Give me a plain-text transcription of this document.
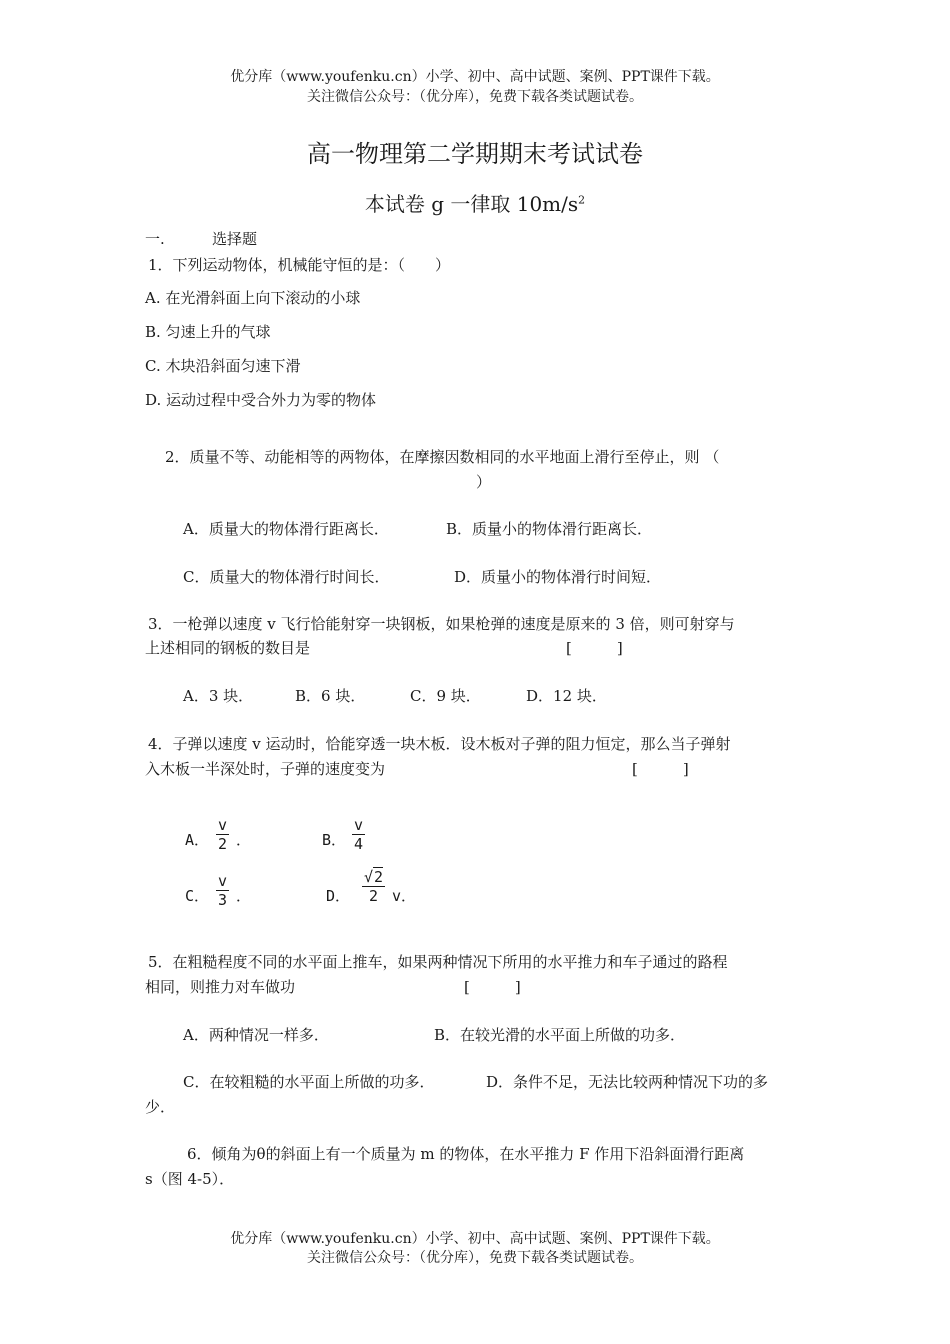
优分库（www.youfenku.cn）小学、初中、高中试题、案例、PPT课件下载。
关注微信公众号：（优分库），免费下载各类试题试卷。
高一物理第二学期期末考试试卷
本试卷 g 一律取 $10m/s^2$
一.	选择题
1．下列运动物体，机械能守恒的是：（　　）
A. 在光滑斜面上向下滚动的小球
B. 匀速上升的气球
C. 木块沿斜面匀速下滑
D. 运动过程中受合外力为零的物体
2．质量不等、动能相等的两物体，在摩擦因数相同的水平地面上滑行至停止，则 （
）
A．质量大的物体滑行距离长．	B．质量小的物体滑行距离长．
C．质量大的物体滑行时间长．	D．质量小的物体滑行时间短．
3．一枪弹以速度 v 飞行恰能射穿一块钢板，如果枪弹的速度是原来的 3 倍，则可射穿与
上述相同的钢板的数目是	[　　　]
A．3 块．	B．6 块．	C．9 块．	D．12 块．
4．子弹以速度 v 运动时，恰能穿透一块木板．设木板对子弹的阻力恒定，那么当子弹射
入木板一半深处时，子弹的速度变为	[　　　]
A． $\frac{v}{2}$ ．	B． $\frac{v}{4}$
C． $\frac{v}{3}$ ．	D． $\frac{√2}{2}$ v．
5．在粗糙程度不同的水平面上推车，如果两种情况下所用的水平推力和车子通过的路程
相同，则推力对车做功	[　　　]
A．两种情况一样多．	B．在较光滑的水平面上所做的功多．
C．在较粗糙的水平面上所做的功多．	D．条件不足，无法比较两种情况下功的多
少．
6．倾角为θ的斜面上有一个质量为 m 的物体，在水平推力 F 作用下沿斜面滑行距离
s（图 4-5）．
优分库（www.youfenku.cn）小学、初中、高中试题、案例、PPT课件下载。
关注微信公众号：（优分库），免费下载各类试题试卷。
